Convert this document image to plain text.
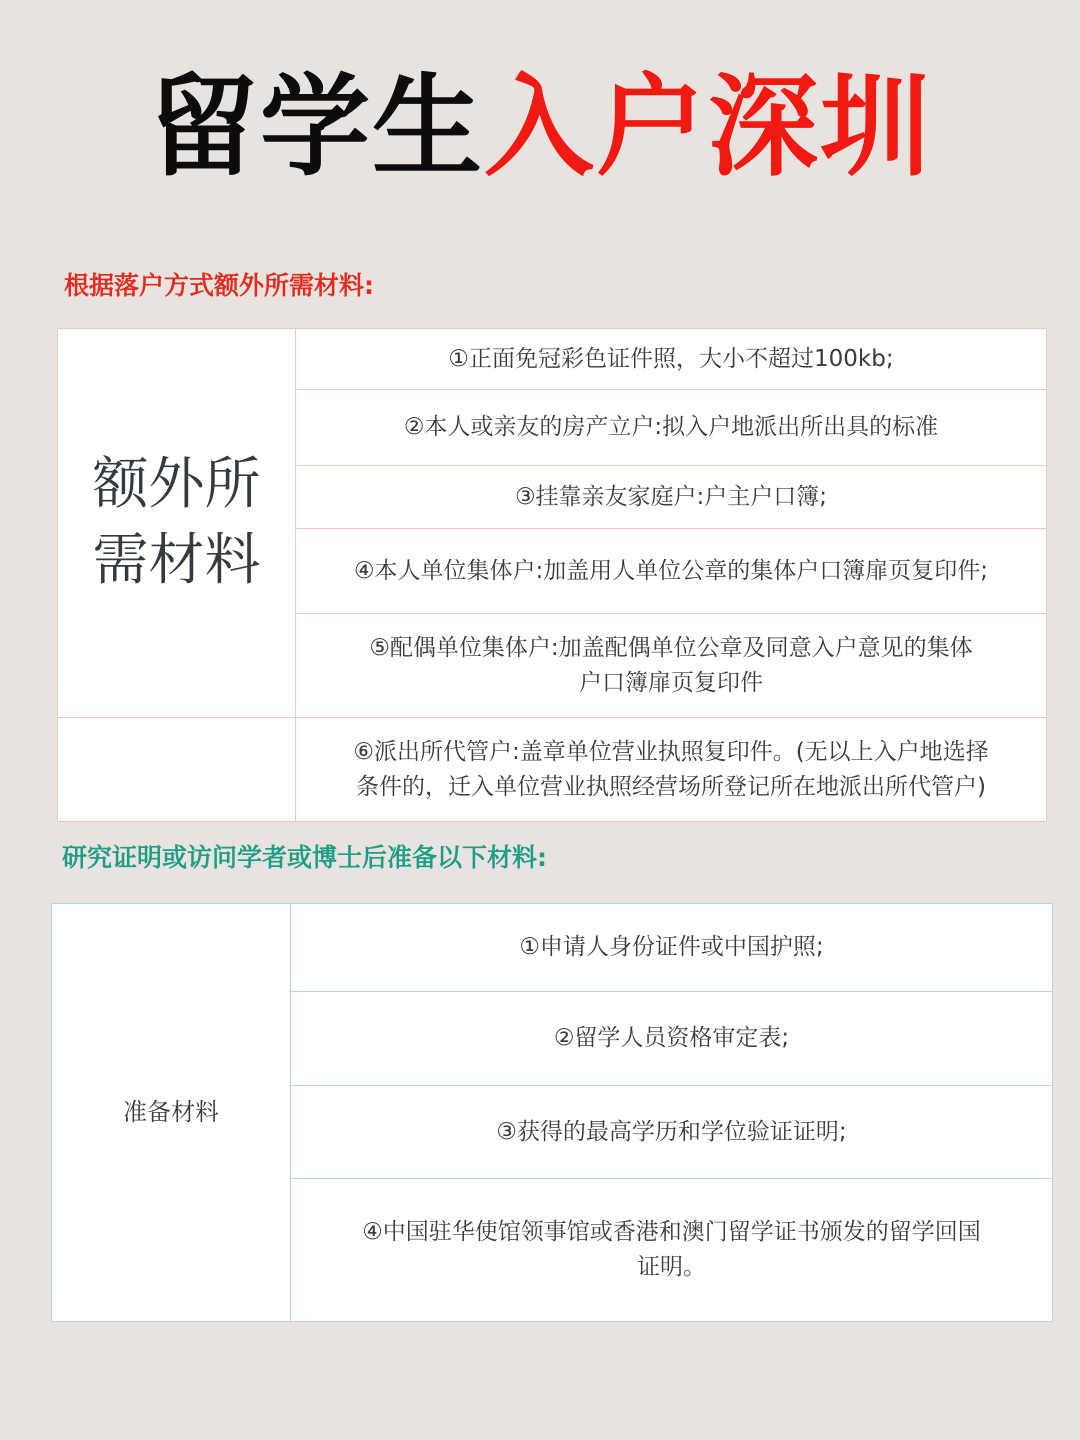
留学生入户深圳
根据落户方式额外所需材料:
额外所需材料	①正面免冠彩色证件照，大小不超过100kb;
	②本人或亲友的房产立户:拟入户地派出所出具的标准
	③挂靠亲友家庭户:户主户口簿;
	④本人单位集体户:加盖用人单位公章的集体户口簿扉页复印件;
	⑤配偶单位集体户:加盖配偶单位公章及同意入户意见的集体户口簿扉页复印件
	⑥派出所代管户:盖章单位营业执照复印件。(无以上入户地选择条件的，迁入单位营业执照经营场所登记所在地派出所代管户)
研究证明或访问学者或博士后准备以下材料:
准备材料	①申请人身份证件或中国护照;
②留学人员资格审定表;
③获得的最高学历和学位验证证明;
④中国驻华使馆领事馆或香港和澳门留学证书颁发的留学回国证明。
